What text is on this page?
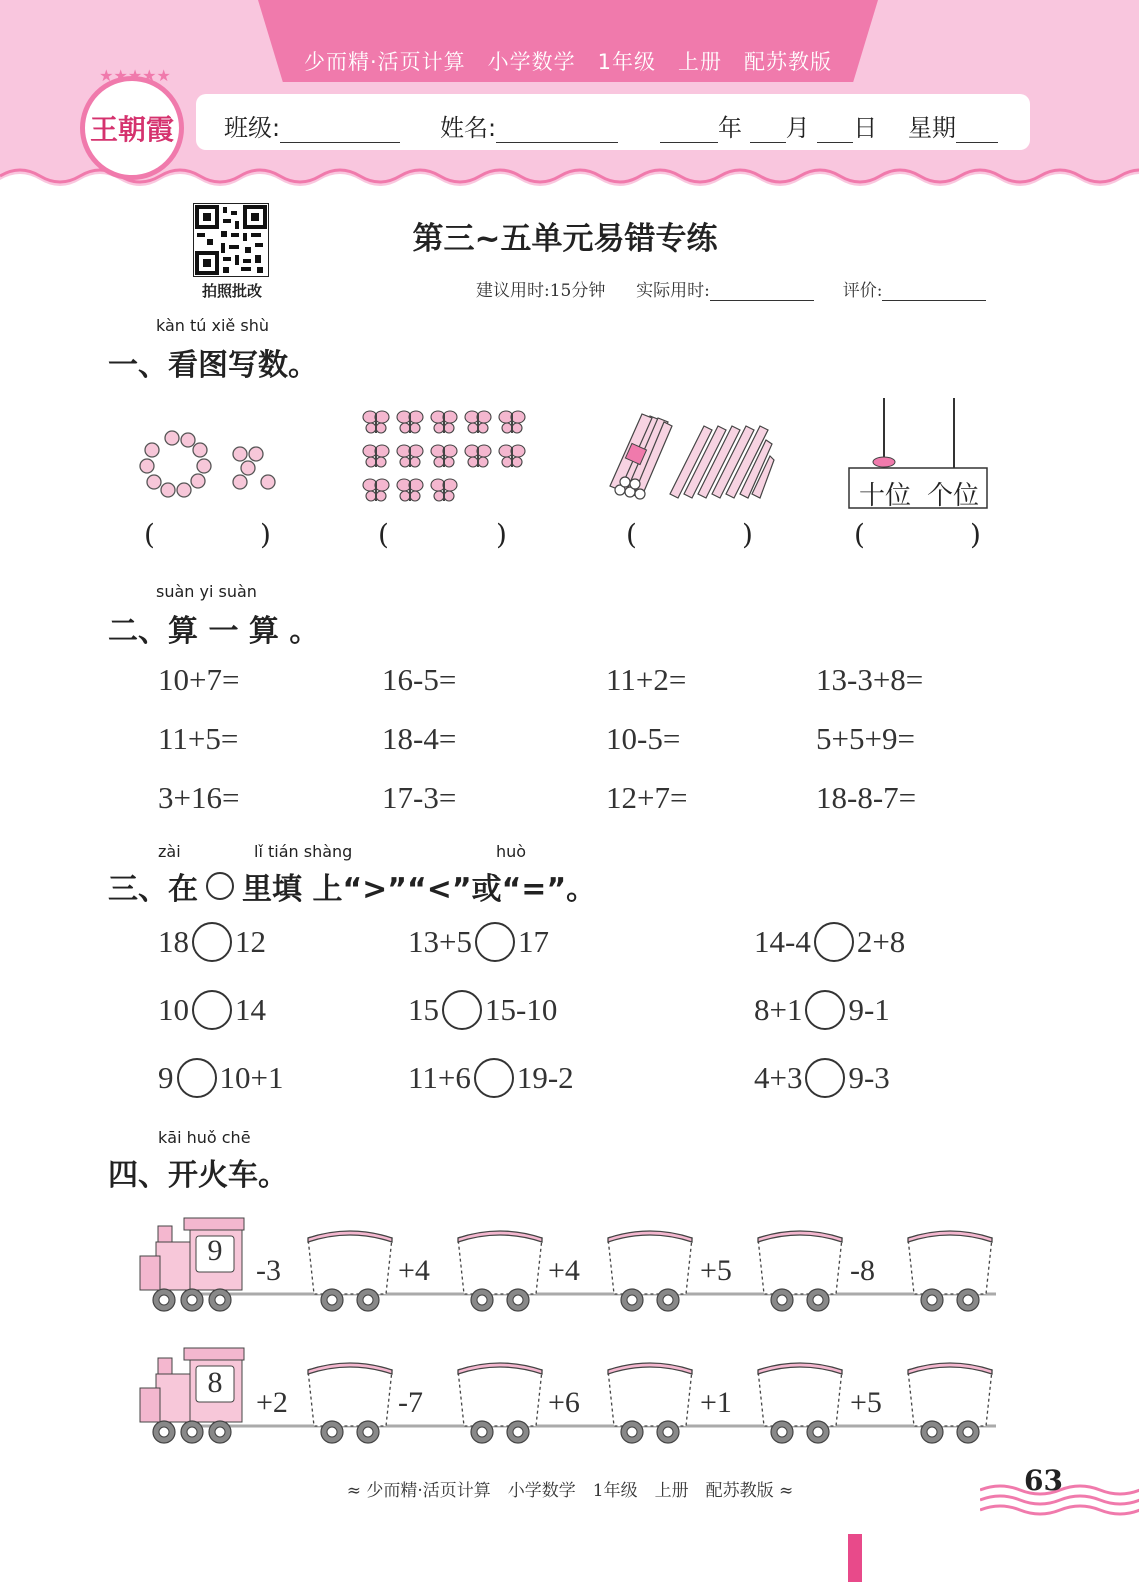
少而精·活页计算　小学数学　1年级　上册　配苏教版
班级:	姓名:	年 月 日 星期
★★★★★
王朝霞
拍照批改
第三~五单元易错专练
建议用时:15分钟 实际用时:	评价:
kàn tú xiě shù
一、看图写数。
十位 个位
(	)	(	)	(	)	(	)
suàn yi suàn
二、算 一 算 。
10+7=	16-5=	11+2=	13-3+8=
11+5=	18-4=	10-5=	5+5+9=
3+16=	17-3=	12+7=	18-8-7=
zài	lǐ tián shàng	huò
三、在 里填 上“>”“<”或“=”。
18 12	13+5 17	14-4 2+8
10 14	15 15-10	8+1 9-1
9 10+1	11+6 19-2	4+3 9-3
kāi huǒ chē
四、开火车。
9
-3	+4	+4	+5	-8
8
+2	-7	+6	+1	+5
≈ 少而精·活页计算　小学数学　1年级　上册　配苏教版 ≈	63
